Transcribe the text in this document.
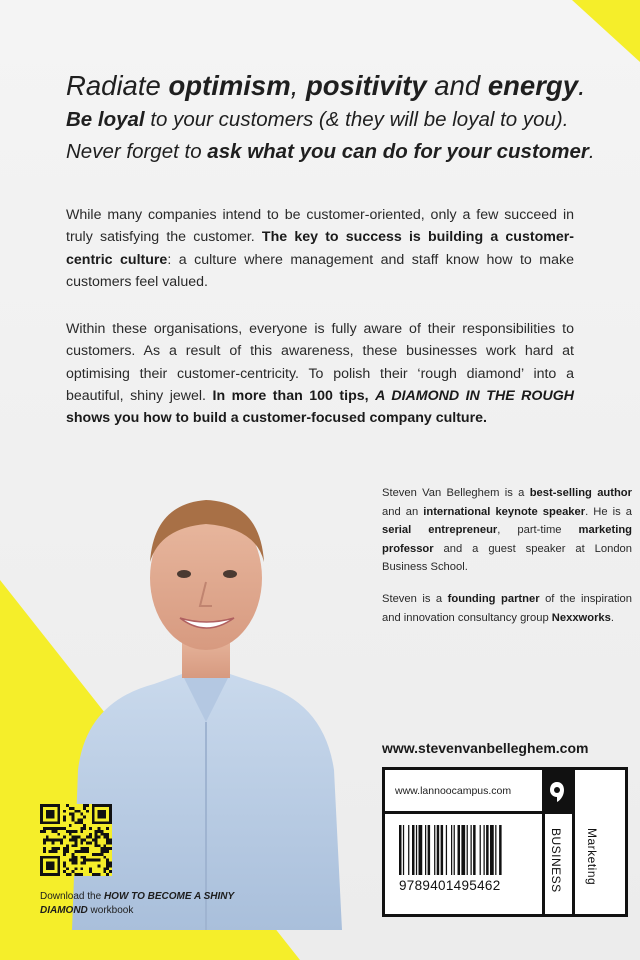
Radiate optimism, positivity and energy.
Be loyal to your customers (& they will be loyal to you).
Never forget to ask what you can do for your customer.
While many companies intend to be customer-oriented, only a few succeed in truly satisfying the customer. The key to success is building a customer-centric culture: a culture where management and staff know how to make customers feel valued.
Within these organisations, everyone is fully aware of their responsibilities to customers. As a result of this awareness, these businesses work hard at optimising their customer-centricity. To polish their ‘rough diamond’ into a beautiful, shiny jewel. In more than 100 tips, A DIAMOND IN THE ROUGH shows you how to build a customer-focused company culture.

Steven Van Belleghem is a best-selling author and an international keynote speaker. He is a serial entrepreneur, part-time marketing professor and a guest speaker at London Business School.

Steven is a founding partner of the inspiration and innovation consultancy group Nexxworks.

www.stevenvanbelleghem.com
www.lannoocampus.com
9789401495462	BUSINESS Marketing
Download the HOW TO BECOME A SHINY DIAMOND workbook
